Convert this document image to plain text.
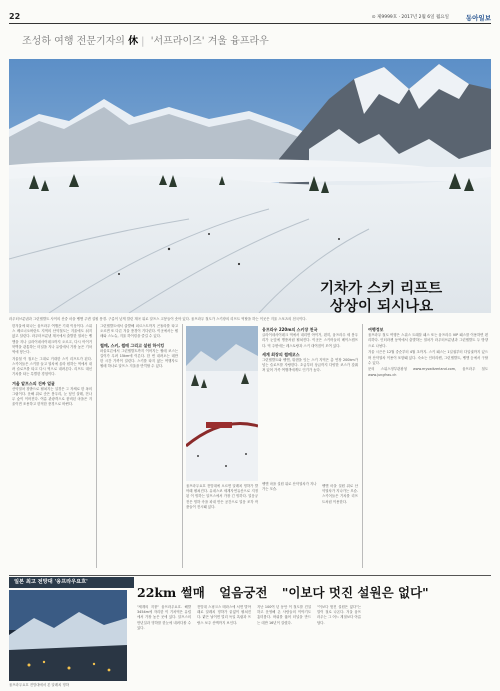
22	⊙ 제9999호 · 2017년 2월 6일 월요일	동아일보
조성하 여행 전문기자의 休 | '서프라이즈' 겨울 융프라우
기차가 스키 리프트
상상이 되시나요
라우터브룬넨과 그린델발트 사이의 산중 마을 벵엔 주변 설원 풍경. 구름이 낮게 깔린 계곡 위로 알프스 고봉들이 솟아 있다. 융프라우 철도가 스키장의 리프트 역할을 하는 이곳은 겨울 스포츠의 천국이다.

한겨울에 떠나는 융프라우 여행은 기대 이상이다. 스위스 베르너오버란트 지역의 산악철도는 겨울에도 쉬지 않고 달린다. 라우터브룬넨 계곡에서 출발한 열차는 벵엔을 지나 클라이네샤이데크까지 오르고, 다시 아이거 북벽을 관통하는 터널을 지나 유럽에서 가장 높은 기차역에 닿는다.

겨울철 이 철도는 그대로 거대한 스키 리프트가 된다. 스키어들은 스키를 들고 열차에 올라 원하는 역에서 내려 슬로프를 타고 다시 역으로 내려온다. 리프트 대신 기차를 타는 특별한 경험이다.

겨울 알프스의 진짜 얼굴

산악열차 창밖으로 펼쳐지는 설경은 그 자체로 한 폭의 그림이다. 운해 위로 솟은 봉우리, 눈 덮인 샬레, 전나무 숲이 이어진다. 여름 관광객으로 붐비던 마을은 겨울이면 조용하고 한적한 풍경으로 바뀐다.

그린델발트에서 출발해 피르스트까지 곤돌라를 타고 오르면 또 다른 겨울 풍경이 기다린다. 이곳에서는 썰매와 스노슈, 겨울 하이킹을 즐길 수 있다.

썰매, 스키, 썰매 그리고 설원 하이킹

파울호른에서 그린델발트까지 이어지는 썰매 코스는 길이가 무려 15km에 이른다. 한 번 내려오는 데만 한 시간 가까이 걸린다. 스키를 타지 않는 여행자도 썰매 하나로 알프스 겨울을 만끽할 수 있다.

융프라우요흐 전망대에 오르면 알레치 빙하가 발아래 펼쳐진다. 유네스코 세계자연유산으로 지정된 이 빙하는 알프스에서 가장 긴 빙하다. 얼음궁전은 빙하 속을 파내 만든 공간으로 얼음 조각 작품들이 전시돼 있다.

벵엔 마을 설원 위로 산악열차가 지나가는 모습.
융프라우 220m의 스키장 천국

클라이네샤이데크 역에서 내리면 아이거, 묀히, 융프라우 세 봉우리가 눈앞에 병풍처럼 펼쳐진다. 이곳은 스키어들의 베이스캠프다. 역 주변에는 레스토랑과 스키 대여점이 모여 있다.

세계 최장의 썰매코스

그린델발트와 벵엔, 뮈렌을 잇는 스키 지역은 총 연장 200km가 넘는 슬로프를 자랑한다. 초급부터 상급까지 다양한 코스가 갖춰져 있어 가족 여행객에게도 인기가 높다.

벵엔 마을 설원 위로 산악열차가 지나가는 모습. 스키어들은 기차를 리프트처럼 이용한다.

여행정보

융프라우 철도 여행은 스위스 트래블 패스 또는 융프라우 VIP 패스를 이용하면 편리하다. 인터라켄 동역에서 출발하는 열차가 라우터브룬넨과 그린델발트 두 방향으로 나뉜다.

겨울 시즌은 12월 중순부터 4월 초까지. 스키 패스는 1일권부터 다일권까지 있으며 산악열차 이용이 포함돼 있다. 숙소는 인터라켄, 그린델발트, 벵엔 등에서 구할 수 있다.

문의 스위스정부관광청 www.myswitzerland.com, 융프라우 철도 www.jungfrau.ch

일본 최고 전망대 '융프라우요흐'
융프라우요흐 전망대에서 본 알레치 빙하
22km 썰매 얼음궁전 "이보다 멋진 설원은 없다"

"세계의 지붕" 융프라우요흐. 해발 3454m에 자리한 이 기차역은 유럽에서 가장 높은 곳에 있다. 알프스의 만년설과 빙하를 한눈에 내려다볼 수 있다.

전망대 스핑크스 테라스에 서면 발아래로 알레치 빙하가 끝없이 펼쳐진다. 맑은 날이면 멀리 독일 흑림과 프랑스 보주 산맥까지 보인다.

지난 100여 년 동안 이 철도를 건설하고 운영해 온 사람들의 이야기도 흥미롭다. 바위를 뚫어 터널을 만드는 데만 16년이 걸렸다.

"이보다 멋진 설원은 없다"는 말이 절로 나온다. 겨울 융프라우는 그 어느 계절보다 아름답다.
